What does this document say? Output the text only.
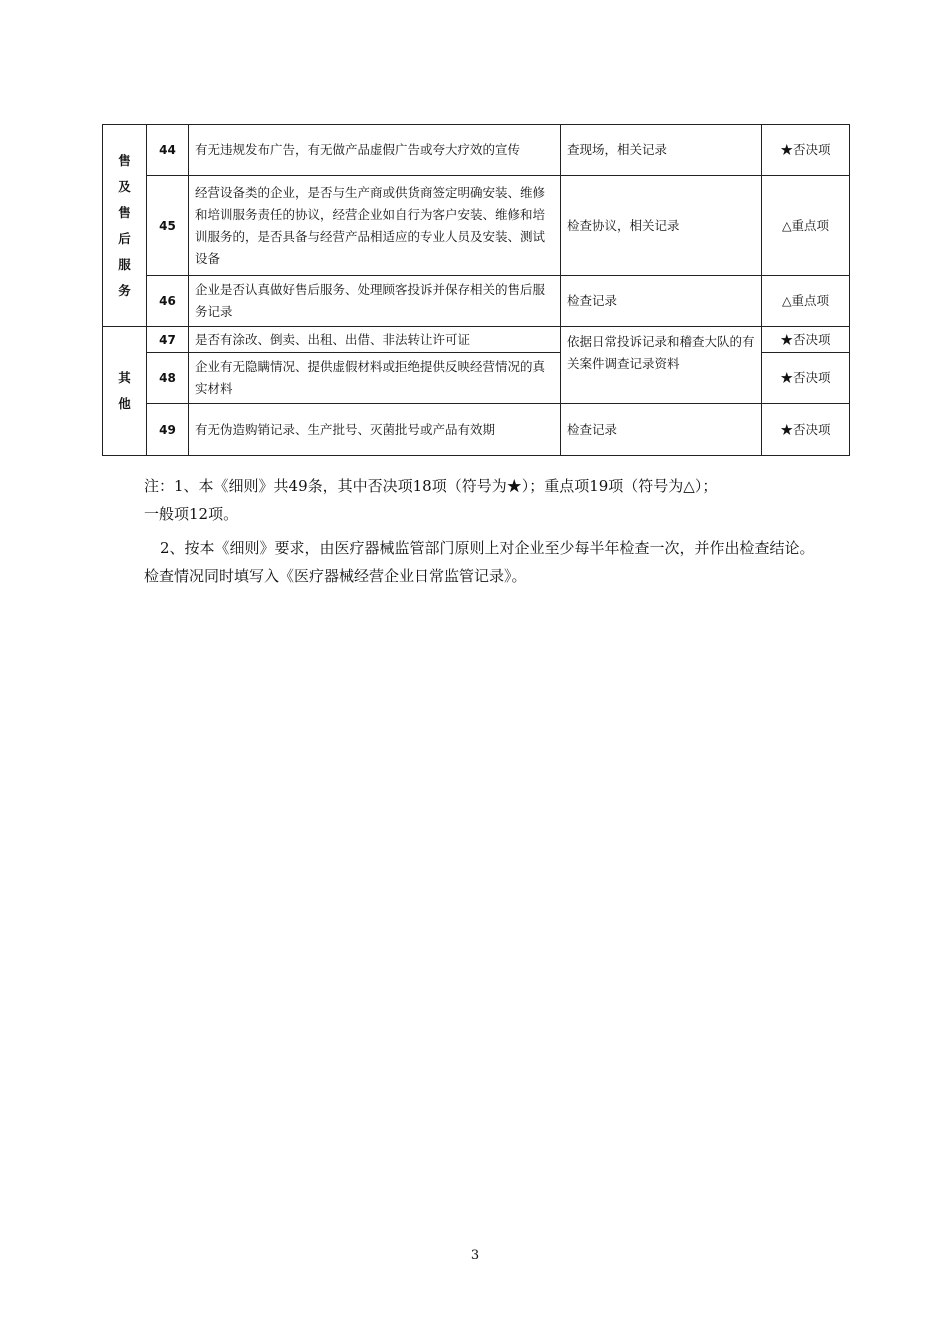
售及售后服务	44	有无违规发布广告，有无做产品虚假广告或夸大疗效的宣传	查现场，相关记录	★否决项
	45	经营设备类的企业，是否与生产商或供货商签定明确安装、维修和培训服务责任的协议，经营企业如自行为客户安装、维修和培训服务的，是否具备与经营产品相适应的专业人员及安装、测试设备	检查协议，相关记录	△重点项
	46	企业是否认真做好售后服务、处理顾客投诉并保存相关的售后服务记录	检查记录	△重点项

其他	47	是否有涂改、倒卖、出租、出借、非法转让许可证	依据日常投诉记录和稽查大队的有关案件调查记录资料	★否决项
	48	企业有无隐瞒情况、提供虚假材料或拒绝提供反映经营情况的真实材料		★否决项
	49	有无伪造购销记录、生产批号、灭菌批号或产品有效期	检查记录	★否决项

注：1、本《细则》共49条，其中否决项18项（符号为★）；重点项19项（符号为△）；

一般项12项。

2、按本《细则》要求，由医疗器械监管部门原则上对企业至少每半年检查一次，并作出检查结论。检查情况同时填写入《医疗器械经营企业日常监管记录》。

3
